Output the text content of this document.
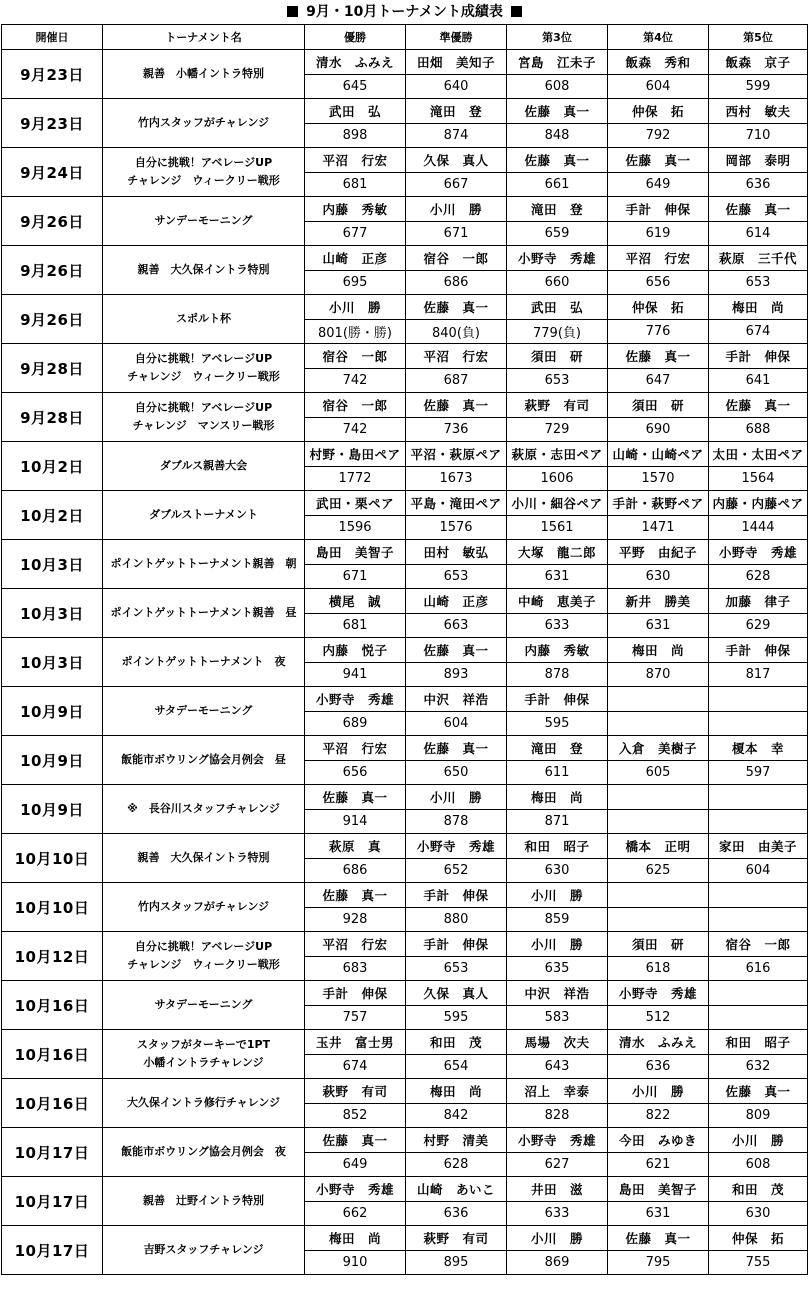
9月・10月トーナメント成績表
開催日	トーナメント名	優勝	準優勝	第3位	第4位	第5位
9月23日	親善　小幡イントラ特別	清水　ふみえ	田畑　美知子	宮島　江未子	飯森　秀和	飯森　京子
		645	640	608	604	599
9月23日	竹内スタッフがチャレンジ	武田　弘	滝田　登	佐藤　真一	仲保　拓	西村　敏夫
		898	874	848	792	710
9月24日	自分に挑戦！アベレージUP
チャレンジ　ウィークリー戦形	平沼　行宏	久保　真人	佐藤　真一	佐藤　真一	岡部　泰明
		681	667	661	649	636
9月26日	サンデーモーニング	内藤　秀敏	小川　勝	滝田　登	手計　伸保	佐藤　真一
		677	671	659	619	614
9月26日	親善　大久保イントラ特別	山崎　正彦	宿谷　一郎	小野寺　秀雄	平沼　行宏	萩原　三千代
		695	686	660	656	653
9月26日	スポルト杯	小川　勝	佐藤　真一	武田　弘	仲保　拓	梅田　尚
		801(勝・勝)	840(負)	779(負)	776	674
9月28日	自分に挑戦！アベレージUP
チャレンジ　ウィークリー戦形	宿谷　一郎	平沼　行宏	須田　研	佐藤　真一	手計　伸保
		742	687	653	647	641
9月28日	自分に挑戦！アベレージUP
チャレンジ　マンスリー戦形	宿谷　一郎	佐藤　真一	萩野　有司	須田　研	佐藤　真一
		742	736	729	690	688
10月2日	ダブルス親善大会	村野・島田ペア	平沼・萩原ペア	萩原・志田ペア	山崎・山崎ペア	太田・太田ペア
		1772	1673	1606	1570	1564
10月2日	ダブルストーナメント	武田・栗ペア	平島・滝田ペア	小川・細谷ペア	手計・萩野ペア	内藤・内藤ペア
		1596	1576	1561	1471	1444
10月3日	ポイントゲットトーナメント親善　朝	島田　美智子	田村　敏弘	大塚　龍二郎	平野　由紀子	小野寺　秀雄
		671	653	631	630	628
10月3日	ポイントゲットトーナメント親善　昼	横尾　誠	山崎　正彦	中崎　恵美子	新井　勝美	加藤　律子
		681	663	633	631	629
10月3日	ポイントゲットトーナメント　夜	内藤　悦子	佐藤　真一	内藤　秀敏	梅田　尚	手計　伸保
		941	893	878	870	817
10月9日	サタデーモーニング	小野寺　秀雄	中沢　祥浩	手計　伸保		
		689	604	595		
10月9日	飯能市ボウリング協会月例会　昼	平沼　行宏	佐藤　真一	滝田　登	入倉　美樹子	榎本　幸
		656	650	611	605	597
10月9日	※　長谷川スタッフチャレンジ	佐藤　真一	小川　勝	梅田　尚		
		914	878	871		
10月10日	親善　大久保イントラ特別	萩原　真	小野寺　秀雄	和田　昭子	橋本　正明	家田　由美子
		686	652	630	625	604
10月10日	竹内スタッフがチャレンジ	佐藤　真一	手計　伸保	小川　勝		
		928	880	859		
10月12日	自分に挑戦！アベレージUP
チャレンジ　ウィークリー戦形	平沼　行宏	手計　伸保	小川　勝	須田　研	宿谷　一郎
		683	653	635	618	616
10月16日	サタデーモーニング	手計　伸保	久保　真人	中沢　祥浩	小野寺　秀雄	
		757	595	583	512	
10月16日	スタッフがターキーで1PT
小幡イントラチャレンジ	玉井　富士男	和田　茂	馬場　次夫	清水　ふみえ	和田　昭子
		674	654	643	636	632
10月16日	大久保イントラ修行チャレンジ	萩野　有司	梅田　尚	沼上　幸泰	小川　勝	佐藤　真一
		852	842	828	822	809
10月17日	飯能市ボウリング協会月例会　夜	佐藤　真一	村野　清美	小野寺　秀雄	今田　みゆき	小川　勝
		649	628	627	621	608
10月17日	親善　辻野イントラ特別	小野寺　秀雄	山崎　あいこ	井田　滋	島田　美智子	和田　茂
		662	636	633	631	630
10月17日	吉野スタッフチャレンジ	梅田　尚	萩野　有司	小川　勝	佐藤　真一	仲保　拓
		910	895	869	795	755
